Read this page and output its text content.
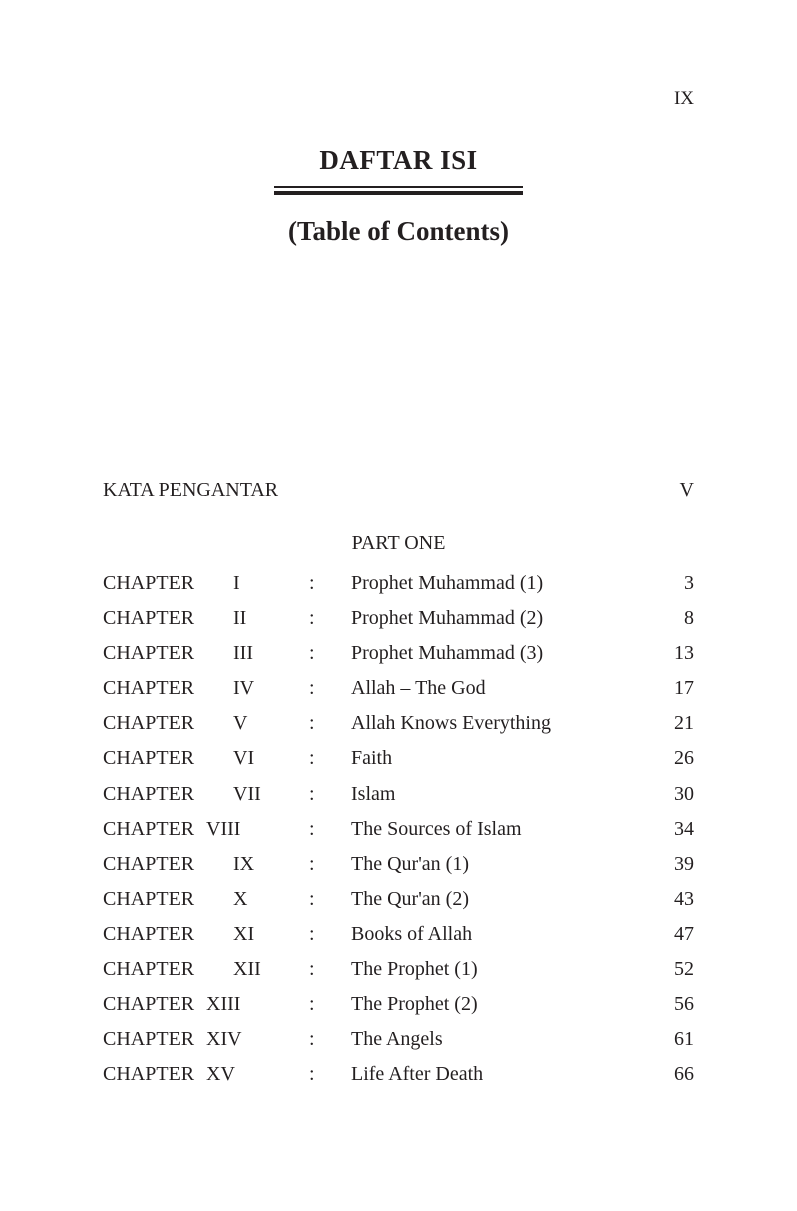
IX
DAFTAR ISI
(Table of Contents)
KATA PENGANTAR	V
PART ONE
CHAPTER I	: Prophet Muhammad (1)	3
CHAPTER II	: Prophet Muhammad (2)	8
CHAPTER III	: Prophet Muhammad (3)	13
CHAPTER IV	: Allah – The God	17
CHAPTER V	: Allah Knows Everything	21
CHAPTER VI	: Faith	26
CHAPTER VII : Islam	30
CHAPTER VIII	: The Sources of Islam	34
CHAPTER IX	: The Qur'an (1)	39
CHAPTER X	: The Qur'an (2)	43
CHAPTER XI	: Books of Allah	47
CHAPTER XII : The Prophet (1)	52
CHAPTER XIII	: The Prophet (2)	56
CHAPTER XIV	: The Angels	61
CHAPTER XV	: Life After Death	66
